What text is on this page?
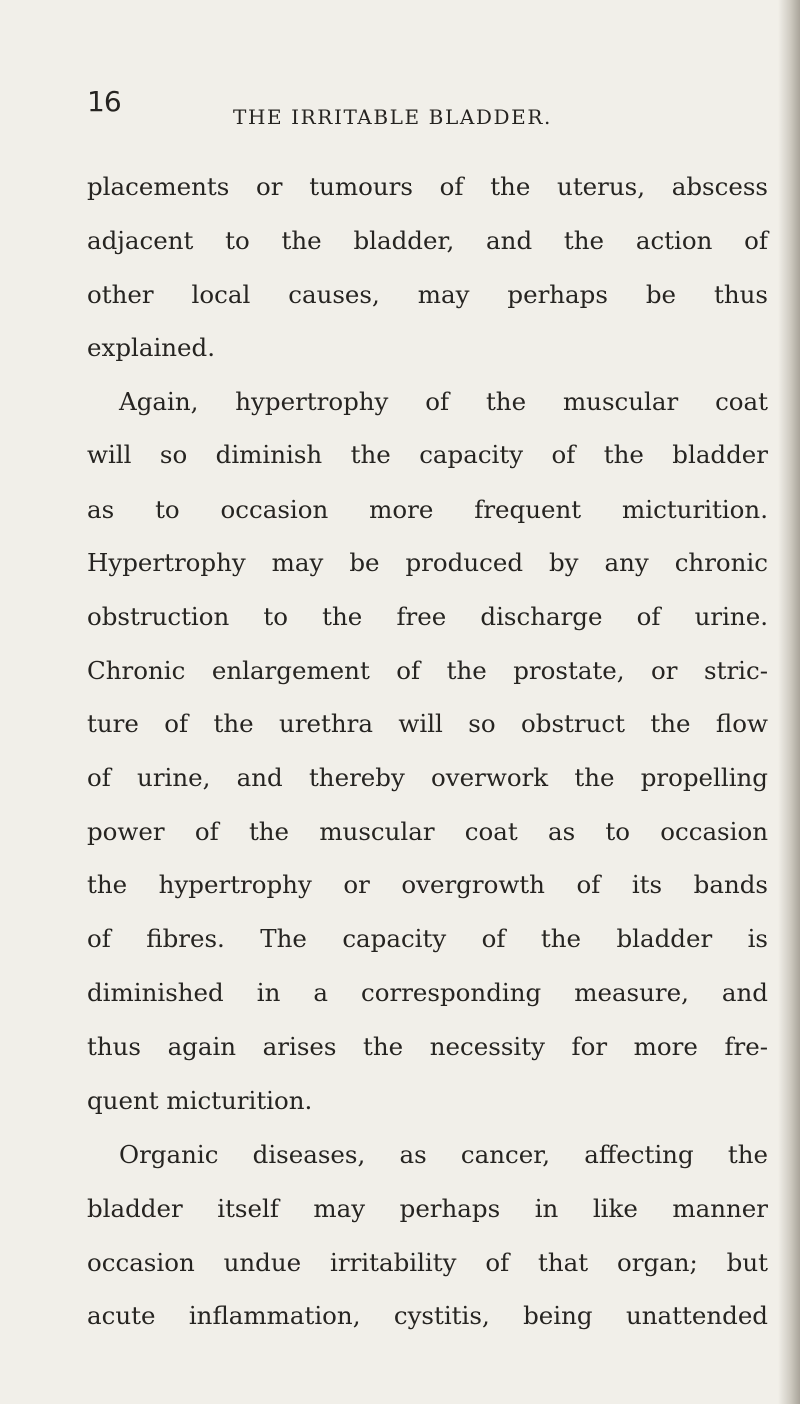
16	THE IRRITABLE BLADDER.
placements or tumours of the uterus, abscess
adjacent to the bladder, and the action of
other local causes, may perhaps be thus
explained.
Again, hypertrophy of the muscular coat
will so diminish the capacity of the bladder
as to occasion more frequent micturition.
Hypertrophy may be produced by any chronic
obstruction to the free discharge of urine.
Chronic enlargement of the prostate, or stric-
ture of the urethra will so obstruct the flow
of urine, and thereby overwork the propelling
power of the muscular coat as to occasion
the hypertrophy or overgrowth of its bands
of fibres. The capacity of the bladder is
diminished in a corresponding measure, and
thus again arises the necessity for more fre-
quent micturition.
Organic diseases, as cancer, affecting the
bladder itself may perhaps in like manner
occasion undue irritability of that organ; but
acute inflammation, cystitis, being unattended
